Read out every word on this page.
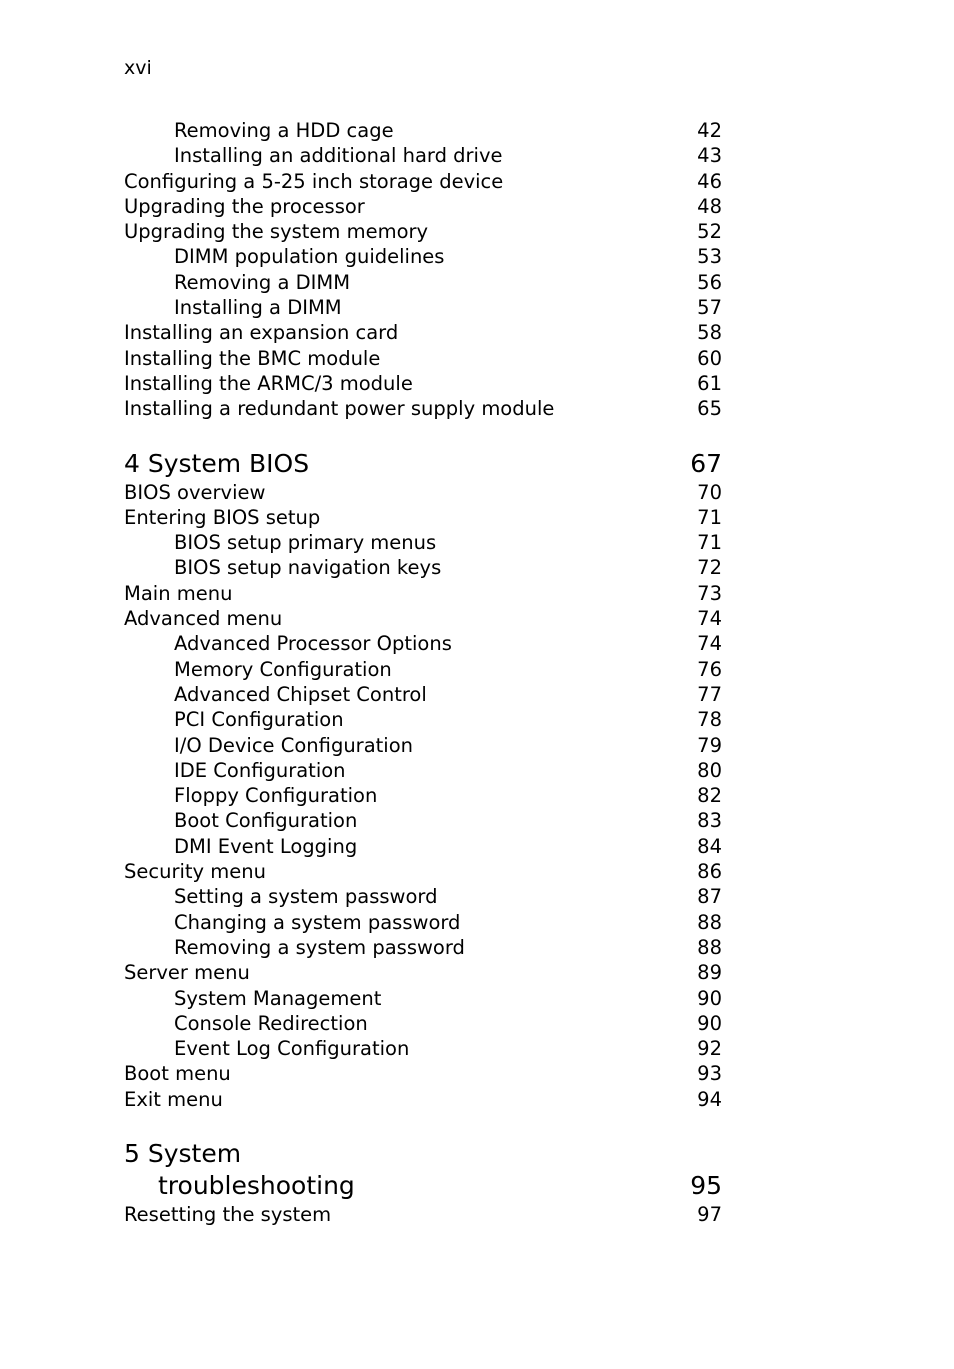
xvi
Removing a HDD cage	42
Installing an additional hard drive	43
Configuring a 5-25 inch storage device	46
Upgrading the processor	48
Upgrading the system memory	52
DIMM population guidelines	53
Removing a DIMM	56
Installing a DIMM	57
Installing an expansion card	58
Installing the BMC module	60
Installing the ARMC/3 module	61
Installing a redundant power supply module	65
4 System BIOS	67
BIOS overview	70
Entering BIOS setup	71
BIOS setup primary menus	71
BIOS setup navigation keys	72
Main menu	73
Advanced menu	74
Advanced Processor Options	74
Memory Configuration	76
Advanced Chipset Control	77
PCI Configuration	78
I/O Device Configuration	79
IDE Configuration	80
Floppy Configuration	82
Boot Configuration	83
DMI Event Logging	84
Security menu	86
Setting a system password	87
Changing a system password	88
Removing a system password	88
Server menu	89
System Management	90
Console Redirection	90
Event Log Configuration	92
Boot menu	93
Exit menu	94
5 System
troubleshooting	95
Resetting the system	97
